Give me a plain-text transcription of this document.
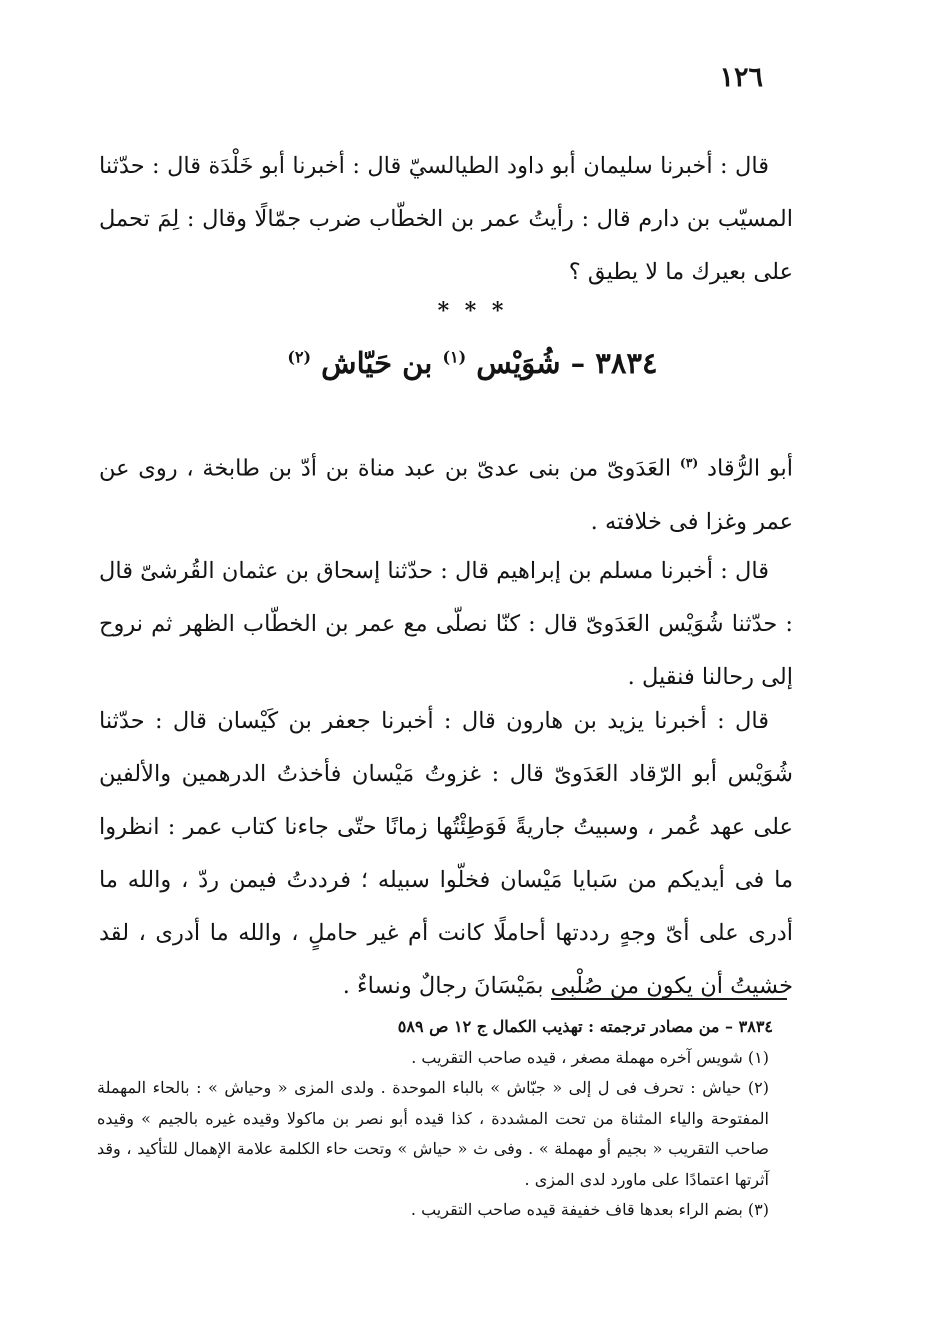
١٢٦

قال : أخبرنا سليمان أبو داود الطيالسيّ قال : أخبرنا أبو خَلْدَة قال : حدّثنا المسيّب بن دارم قال : رأيتُ عمر بن الخطّاب ضرب جمّالًا وقال : لِمَ تحمل على بعيرك ما لا يطيق ؟

* * *
٣٨٣٤ – شُوَيْس $^{(١)}$ بن حَيّاش $^{(٢)}$

أبو الرُّقاد $^{(٣)}$ العَدَوىّ من بنى عدىّ بن عبد مناة بن أدّ بن طابخة ، روى عن عمر وغزا فى خلافته .

قال : أخبرنا مسلم بن إبراهيم قال : حدّثنا إسحاق بن عثمان القُرشىّ قال : حدّثنا شُوَيْس العَدَوىّ قال : كنّا نصلّى مع عمر بن الخطّاب الظهر ثم نروح إلى رحالنا فنقيل .

قال : أخبرنا يزيد بن هارون قال : أخبرنا جعفر بن كَيْسان قال : حدّثنا شُوَيْس أبو الرّقاد العَدَوىّ قال : غزوتُ مَيْسان فأخذتُ الدرهمين والألفين على عهد عُمر ، وسبيتُ جاريةً فَوَطِئْتُها زمانًا حتّى جاءنا كتاب عمر : انظروا ما فى أيديكم من سَبايا مَيْسان فخلّوا سبيله ؛ فرددتُ فيمن ردّ ، والله ما أدرى على أىّ وجهٍ رددتها أحاملًا كانت أم غير حاملٍ ، والله ما أدرى ، لقد خشيتُ أن يكون من صُلْبِى بمَيْسَانَ رجالٌ ونساءٌ .

٣٨٣٤ – من مصادر ترجمته : تهذيب الكمال ج ١٢ ص ٥٨٩

(١) شويس آخره مهملة مصغر ، قيده صاحب التقريب .

(٢) حياش : تحرف فى ل إلى « جبّاش » بالباء الموحدة . ولدى المزى « وحياش » : بالحاء المهملة المفتوحة والياء المثناة من تحت المشددة ، كذا قيده أبو نصر بن ماكولا وقيده غيره بالجيم » وقيده صاحب التقريب « بجيم أو مهملة » . وفى ث « حياش » وتحت حاء الكلمة علامة الإهمال للتأكيد ، وقد آثرتها اعتمادًا على ماورد لدى المزى .

(٣) بضم الراء بعدها قاف خفيفة قيده صاحب التقريب .
